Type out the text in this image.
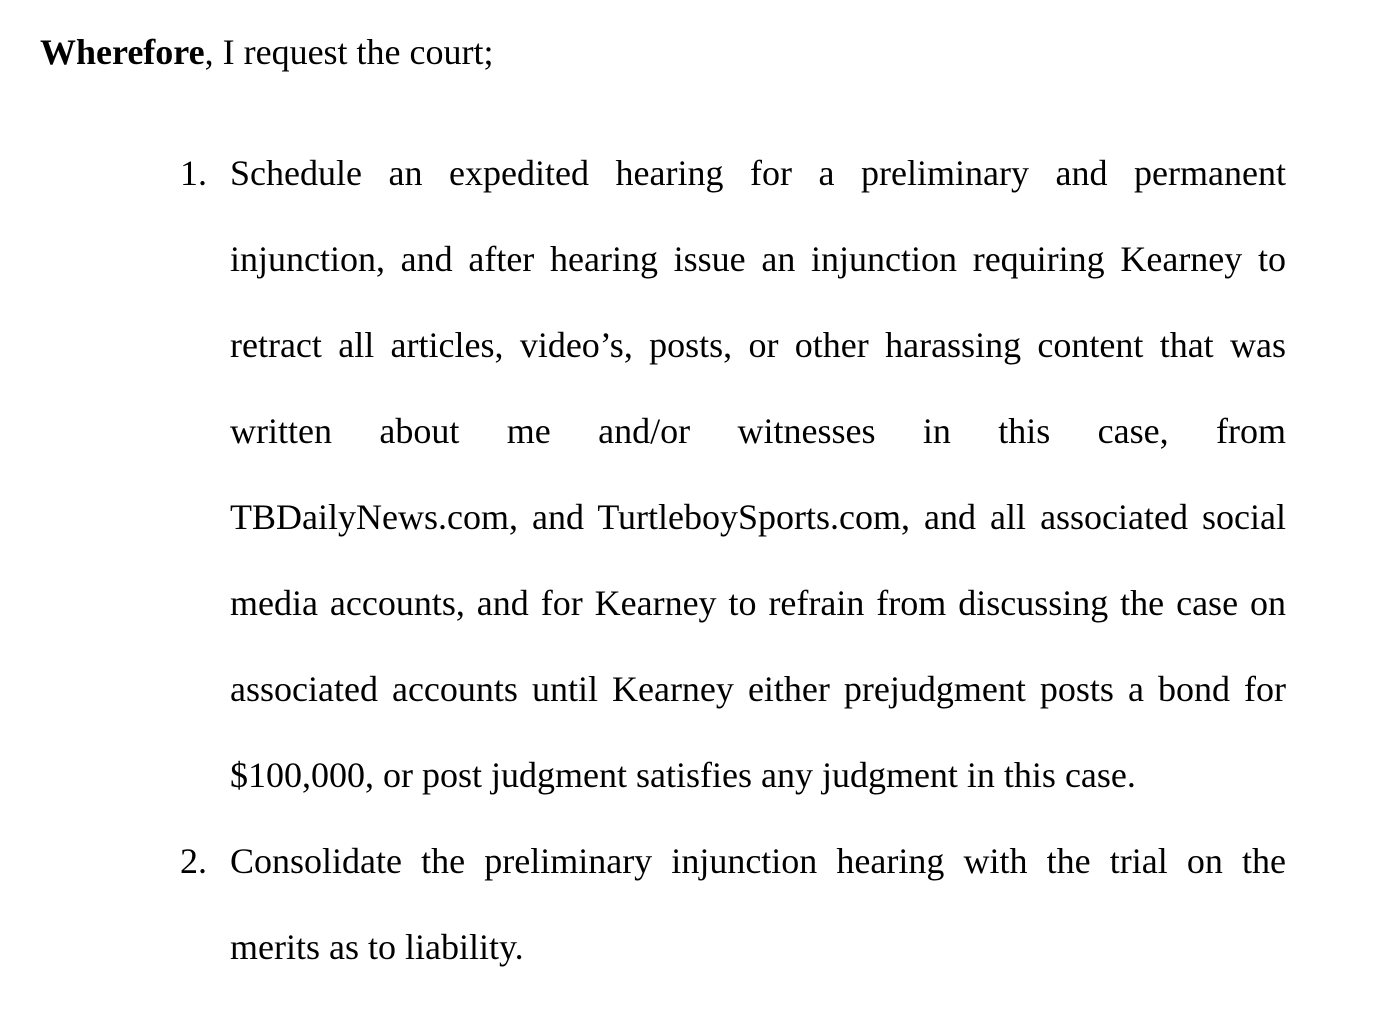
Wherefore, I request the court;
1. Schedule an expedited hearing for a preliminary and permanent
injunction, and after hearing issue an injunction requiring Kearney to
retract all articles, video’s, posts, or other harassing content that was
written about me and/or witnesses in this case, from
TBDailyNews.com, and TurtleboySports.com, and all associated social
media accounts, and for Kearney to refrain from discussing the case on
associated accounts until Kearney either prejudgment posts a bond for
$100,000, or post judgment satisfies any judgment in this case.
2. Consolidate the preliminary injunction hearing with the trial on the
merits as to liability.
